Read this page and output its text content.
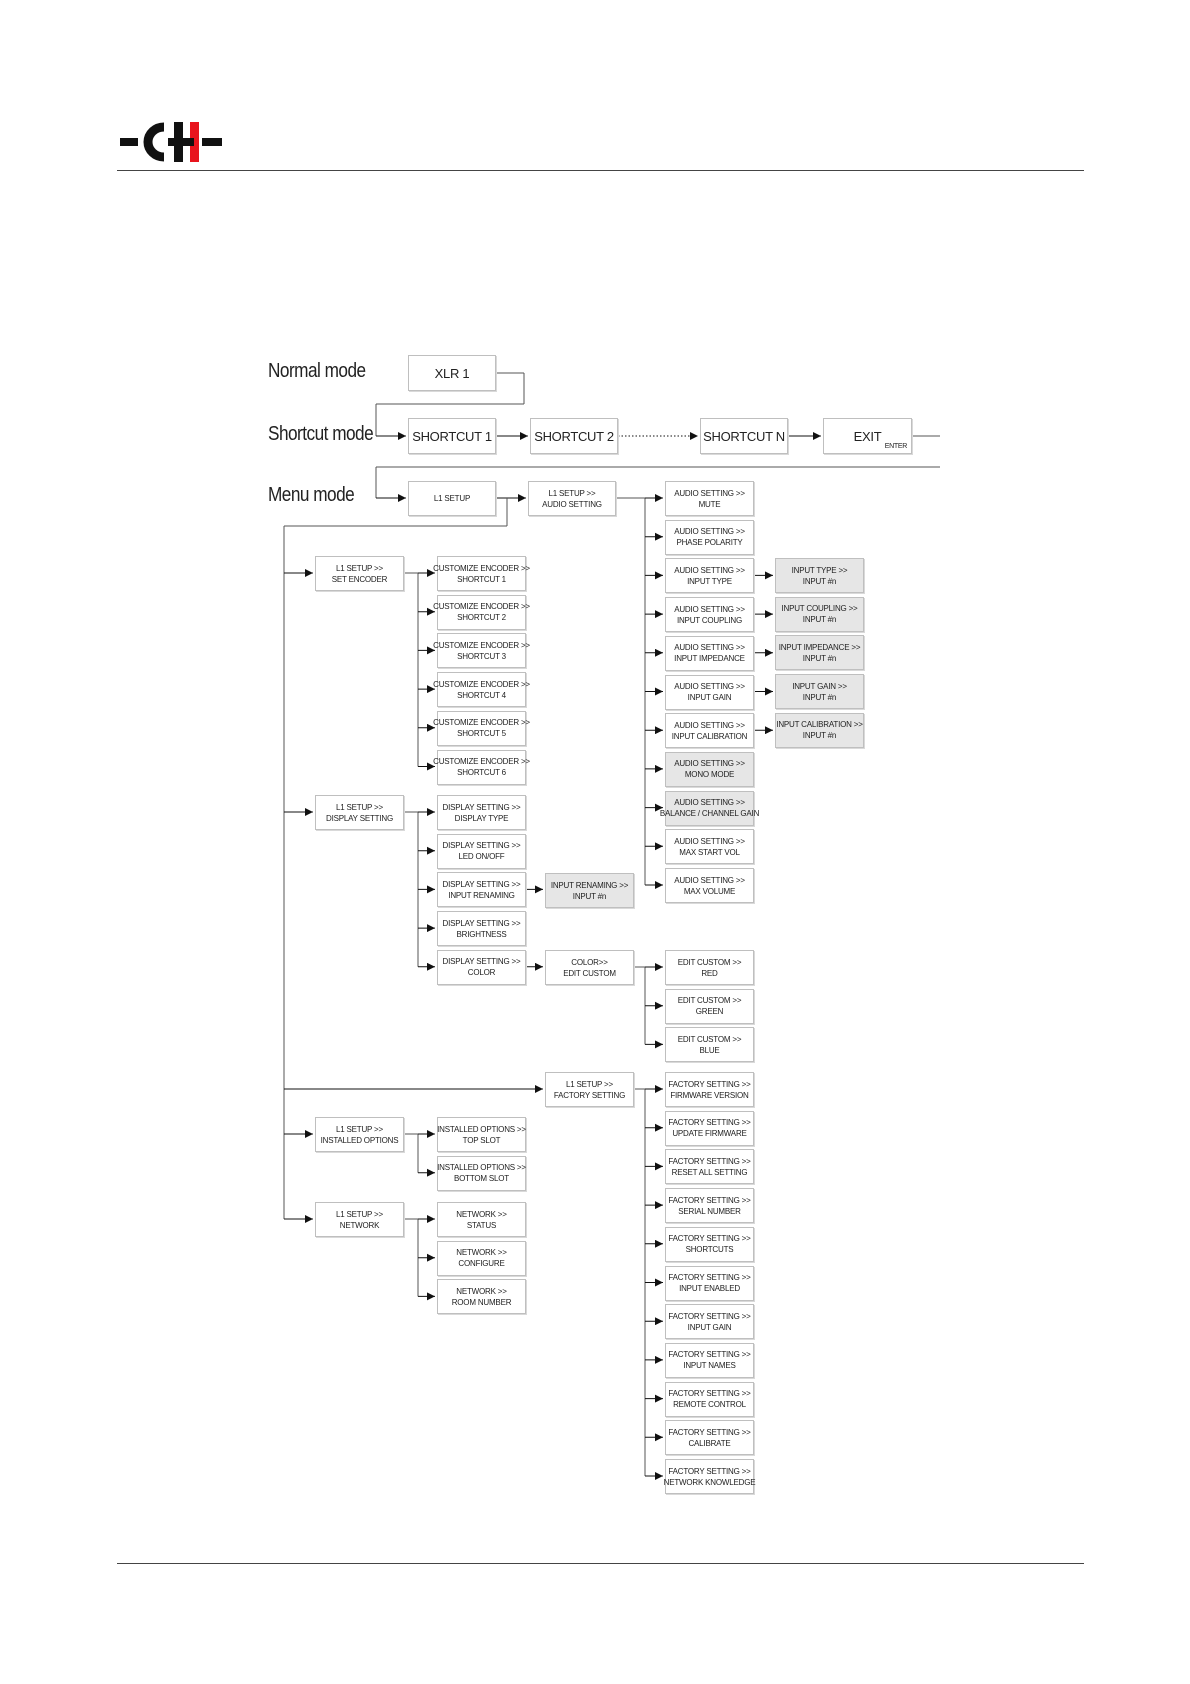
Normal mode
Shortcut mode
Menu mode
XLR 1
SHORTCUT 1	SHORTCUT 2	SHORTCUT N	EXIT
ENTER
L1 SETUP
L1 SETUP >>
AUDIO SETTING
L1 SETUP >>
SET ENCODER
L1 SETUP >>
DISPLAY SETTING
L1 SETUP >>
FACTORY SETTING
L1 SETUP >>
INSTALLED OPTIONS
L1 SETUP >>
NETWORK
CUSTOMIZE ENCODER >>
SHORTCUT 1
CUSTOMIZE ENCODER >>
SHORTCUT 2
CUSTOMIZE ENCODER >>
SHORTCUT 3
CUSTOMIZE ENCODER >>
SHORTCUT 4
CUSTOMIZE ENCODER >>
SHORTCUT 5
CUSTOMIZE ENCODER >>
SHORTCUT 6
DISPLAY SETTING >>
DISPLAY TYPE
DISPLAY SETTING >>
LED ON/OFF
DISPLAY SETTING >>
INPUT RENAMING
DISPLAY SETTING >>
BRIGHTNESS
DISPLAY SETTING >>
COLOR
INSTALLED OPTIONS >>
TOP SLOT
INSTALLED OPTIONS >>
BOTTOM SLOT
NETWORK >>
STATUS
NETWORK >>
CONFIGURE
NETWORK >>
ROOM NUMBER
AUDIO SETTING >>
MUTE
AUDIO SETTING >>
PHASE POLARITY
AUDIO SETTING >>
INPUT TYPE
AUDIO SETTING >>
INPUT COUPLING
AUDIO SETTING >>
INPUT IMPEDANCE
AUDIO SETTING >>
INPUT GAIN
AUDIO SETTING >>
INPUT CALIBRATION
AUDIO SETTING >>
MONO MODE
AUDIO SETTING >>
BALANCE / CHANNEL GAIN
AUDIO SETTING >>
MAX START VOL
AUDIO SETTING >>
MAX VOLUME
INPUT TYPE >>
INPUT #n
INPUT COUPLING >>
INPUT #n
INPUT IMPEDANCE >>
INPUT #n
INPUT GAIN >>
INPUT #n
INPUT CALIBRATION >>
INPUT #n
EDIT CUSTOM >>
RED
EDIT CUSTOM >>
GREEN
EDIT CUSTOM >>
BLUE
FACTORY SETTING >>
FIRMWARE VERSION
FACTORY SETTING >>
UPDATE FIRMWARE
FACTORY SETTING >>
RESET ALL SETTING
FACTORY SETTING >>
SERIAL NUMBER
FACTORY SETTING >>
SHORTCUTS
FACTORY SETTING >>
INPUT ENABLED
FACTORY SETTING >>
INPUT GAIN
FACTORY SETTING >>
INPUT NAMES
FACTORY SETTING >>
REMOTE CONTROL
FACTORY SETTING >>
CALIBRATE
FACTORY SETTING >>
NETWORK KNOWLEDGE
INPUT RENAMING >>
INPUT #n
COLOR>>
EDIT CUSTOM
